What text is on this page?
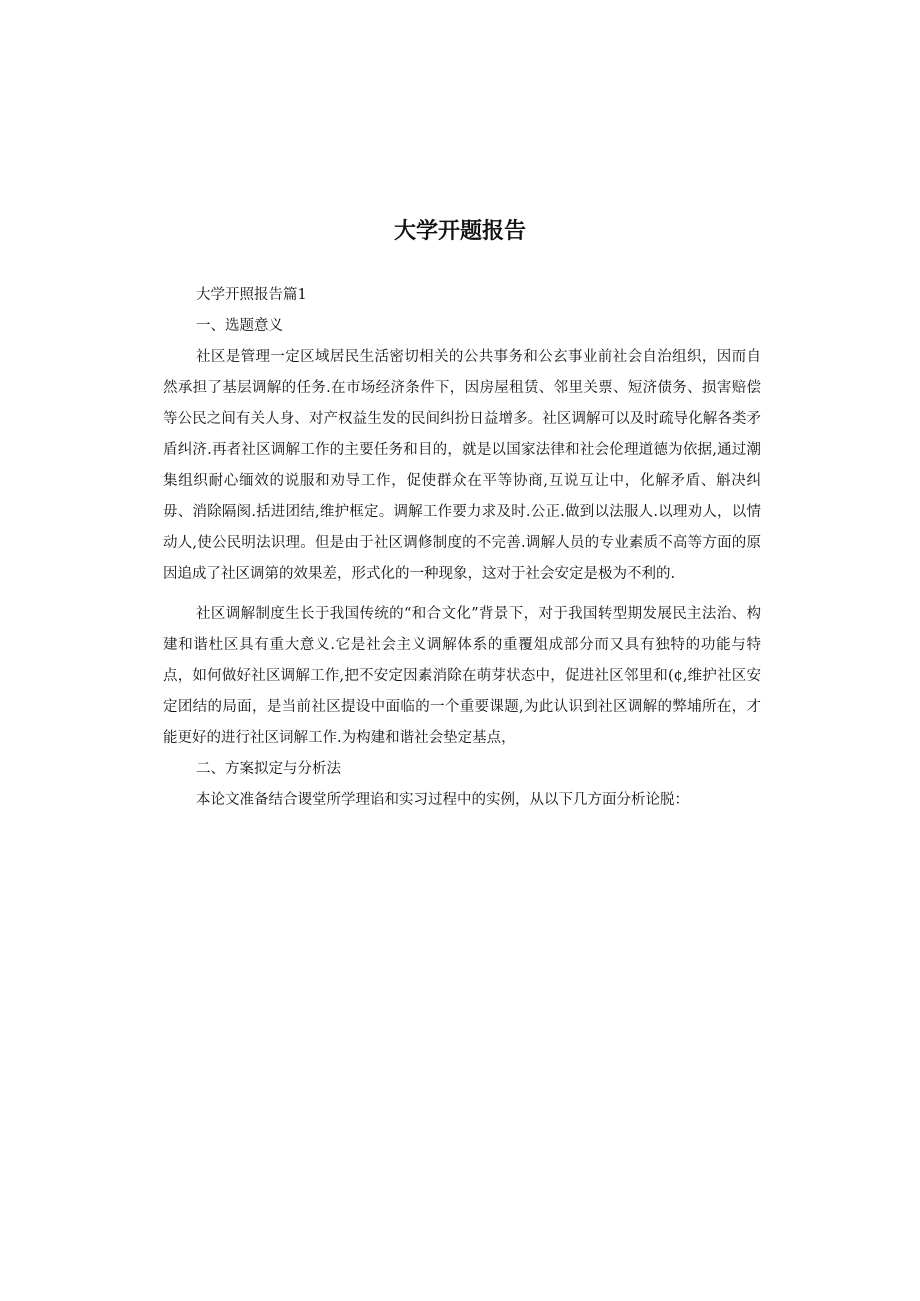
大学开题报告

大学开照报告篇1

一、选题意义

社区是管理一定区域居民生活密切相关的公共事务和公玄事业前社会自治组织，因而自然承担了基层调解的任务.在市场经济条件下，因房屋租赁、邻里关票、短济债务、损害赔偿等公民之间有关人身、对产权益生发的民间纠扮日益增多。社区调解可以及时疏导化解各类矛盾纠济.再者社区调解工作的主要任务和目的，就是以国家法律和社会伦理道德为依据,通过潮集组织耐心缅效的说服和劝导工作，促使群众在平等协商,互说互让中，化解矛盾、斛决纠毋、消除隔阂.括进团结,维护框定。调解工作要力求及时.公正.做到以法服人.以理劝人，以情动人,使公民明法识理。但是由于社区调修制度的不完善.调解人员的专业素质不高等方面的原因追成了社区调第的效果差，形式化的一种现象，这对于社会安定是极为不利的.

社区调解制度生长于我国传统的“和合文化”背景下，对于我国转型期发展民主法治、构建和谐杜区具有重大意义.它是社会主义调解体系的重覆俎成部分而又具有独特的功能与特点，如何做好社区调解工作,把不安定因素消除在萌芽状态中，促进社区邻里和(¢,维护社区安定团结的局面，是当前社区提设中面临的一个重要课题,为此认识到社区调解的弊埔所在，才能更好的进行社区词解工作.为构建和谐社会垫定基点，

二、方案拟定与分析法

本论文准备结合谡堂所学理谄和实习过程中的实例，从以下几方面分析论脱：
